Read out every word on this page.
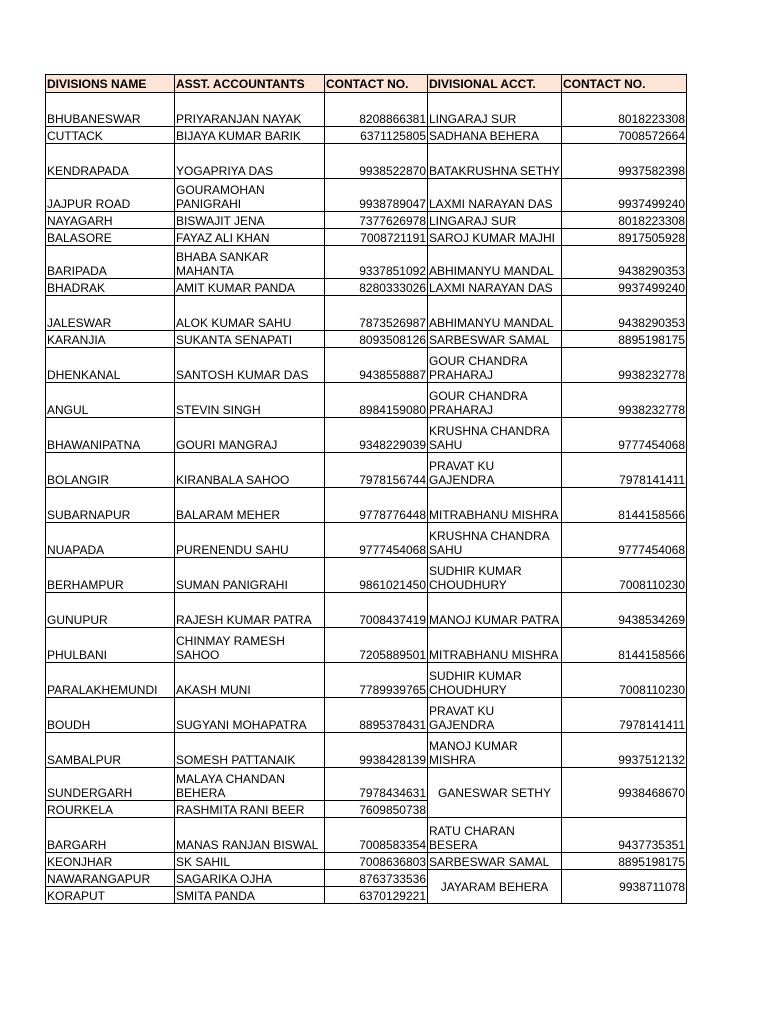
DIVISIONS NAME	ASST. ACCOUNTANTS	CONTACT NO.	DIVISIONAL ACCT.	CONTACT NO.
BHUBANESWAR	PRIYARANJAN NAYAK	8208866381	LINGARAJ SUR	8018223308
CUTTACK	BIJAYA KUMAR BARIK	6371125805	SADHANA BEHERA	7008572664
KENDRAPADA	YOGAPRIYA DAS	9938522870	BATAKRUSHNA SETHY	9937582398
JAJPUR ROAD	GOURAMOHAN PANIGRAHI	9938789047	LAXMI NARAYAN DAS	9937499240
NAYAGARH	BISWAJIT JENA	7377626978	LINGARAJ SUR	8018223308
BALASORE	FAYAZ ALI KHAN	7008721191	SAROJ KUMAR MAJHI	8917505928
BARIPADA	BHABA SANKAR MAHANTA	9337851092	ABHIMANYU MANDAL	9438290353
BHADRAK	AMIT KUMAR PANDA	8280333026	LAXMI NARAYAN DAS	9937499240
JALESWAR	ALOK KUMAR SAHU	7873526987	ABHIMANYU MANDAL	9438290353
KARANJIA	SUKANTA SENAPATI	8093508126	SARBESWAR SAMAL	8895198175
DHENKANAL	SANTOSH KUMAR DAS	9438558887	GOUR CHANDRA PRAHARAJ	9938232778
ANGUL	STEVIN SINGH	8984159080	GOUR CHANDRA PRAHARAJ	9938232778
BHAWANIPATNA	GOURI MANGRAJ	9348229039	KRUSHNA CHANDRA SAHU	9777454068
BOLANGIR	KIRANBALA SAHOO	7978156744	PRAVAT KU GAJENDRA	7978141411
SUBARNAPUR	BALARAM MEHER	9778776448	MITRABHANU MISHRA	8144158566
NUAPADA	PURENENDU SAHU	9777454068	KRUSHNA CHANDRA SAHU	9777454068
BERHAMPUR	SUMAN PANIGRAHI	9861021450	SUDHIR KUMAR CHOUDHURY	7008110230
GUNUPUR	RAJESH KUMAR PATRA	7008437419	MANOJ KUMAR PATRA	9438534269
PHULBANI	CHINMAY RAMESH SAHOO	7205889501	MITRABHANU MISHRA	8144158566
PARALAKHEMUNDI	AKASH MUNI	7789939765	SUDHIR KUMAR CHOUDHURY	7008110230
BOUDH	SUGYANI MOHAPATRA	8895378431	PRAVAT KU GAJENDRA	7978141411
SAMBALPUR	SOMESH PATTANAIK	9938428139	MANOJ KUMAR MISHRA	9937512132
SUNDERGARH	MALAYA CHANDAN BEHERA	7978434631	GANESWAR SETHY	9938468670
ROURKELA	RASHMITA RANI BEER	7609850738		
BARGARH	MANAS RANJAN BISWAL	7008583354	RATU CHARAN BESERA	9437735351
KEONJHAR	SK SAHIL	7008636803	SARBESWAR SAMAL	8895198175
NAWARANGAPUR	SAGARIKA OJHA	8763733536	JAYARAM BEHERA	9938711078
KORAPUT	SMITA PANDA	6370129221		
